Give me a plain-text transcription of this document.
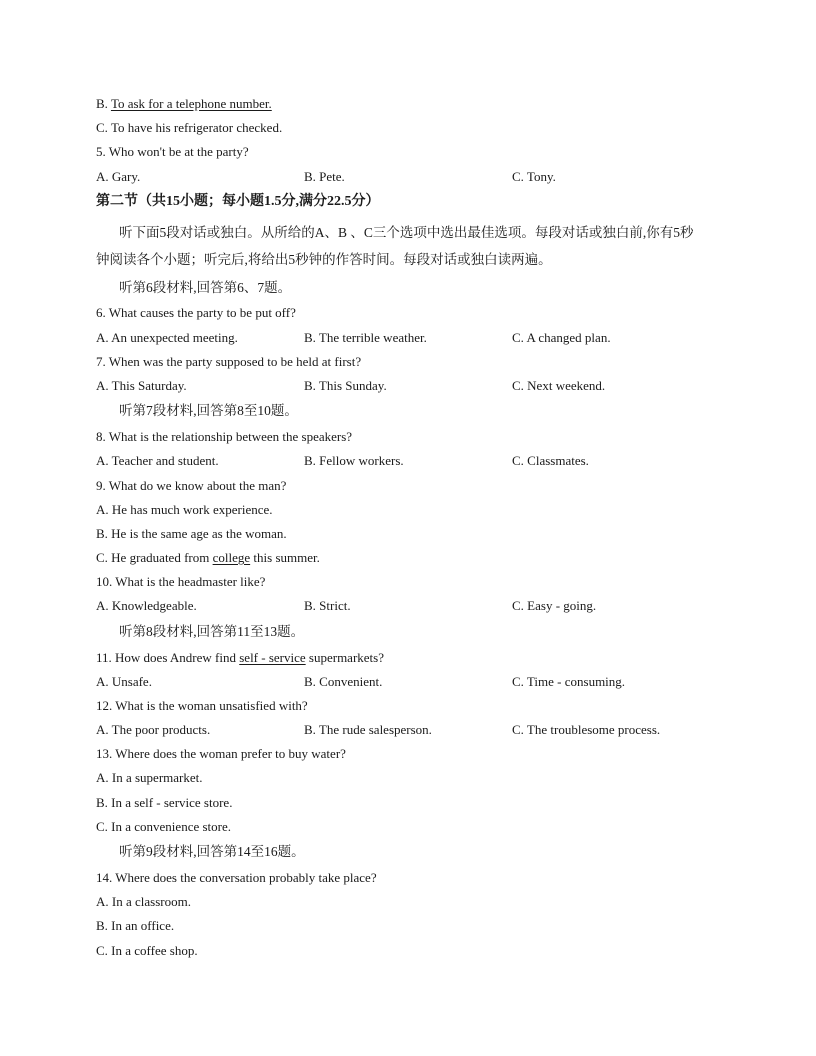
B. To ask for a telephone number.
C. To have his refrigerator checked.
5. Who won't be at the party?
A. Gary.	B. Pete.	C. Tony.
第二节（共15小题；每小题1.5分,满分22.5分）
听下面5段对话或独白。从所给的A、B 、C三个选项中选出最佳选项。每段对话或独白前,你有5秒
钟阅读各个小题；听完后,将给出5秒钟的作答时间。每段对话或独白读两遍。
听第6段材料,回答第6、7题。
6. What causes the party to be put off?
A. An unexpected meeting.	B. The terrible weather.	C. A changed plan.
7. When was the party supposed to be held at first?
A. This Saturday.	B. This Sunday.	C. Next weekend.
听第7段材料,回答第8至10题。
8. What is the relationship between the speakers?
A. Teacher and student.	B. Fellow workers.	C. Classmates.
9. What do we know about the man?
A. He has much work experience.
B. He is the same age as the woman.
C. He graduated from college this summer.
10. What is the headmaster like?
A. Knowledgeable.	B. Strict.	C. Easy - going.
听第8段材料,回答第11至13题。
11. How does Andrew find self - service supermarkets?
A. Unsafe.	B. Convenient.	C. Time - consuming.
12. What is the woman unsatisfied with?
A. The poor products.	B. The rude salesperson.	C. The troublesome process.
13. Where does the woman prefer to buy water?
A. In a supermarket.
B. In a self - service store.
C. In a convenience store.
听第9段材料,回答第14至16题。
14. Where does the conversation probably take place?
A. In a classroom.
B. In an office.
C. In a coffee shop.
